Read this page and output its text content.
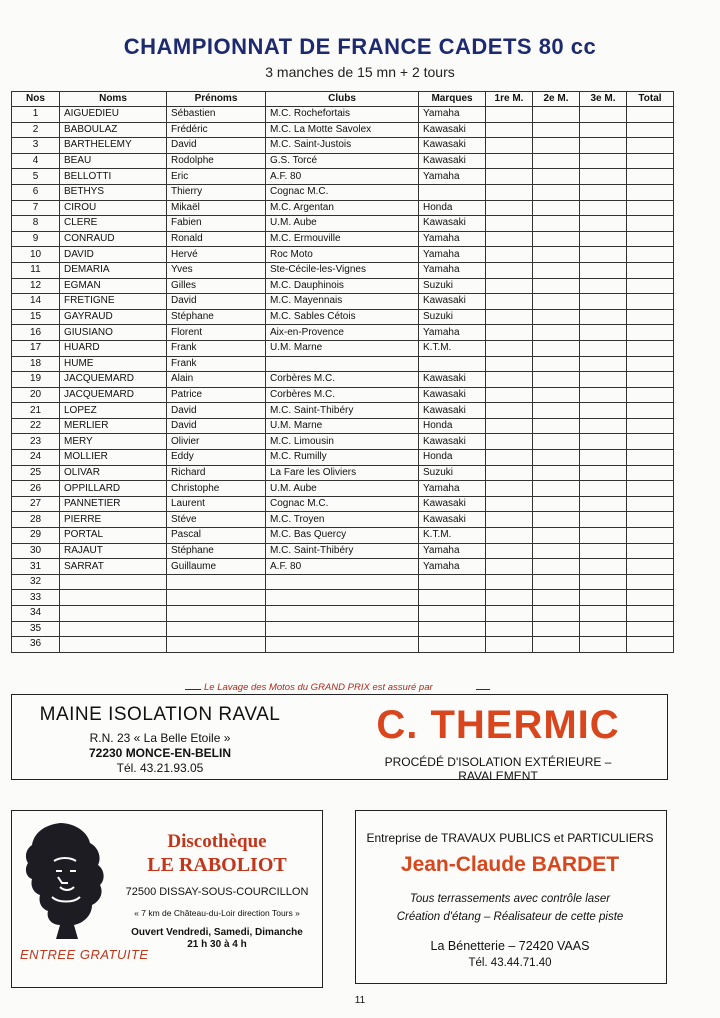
CHAMPIONNAT DE FRANCE CADETS 80 cc
3 manches de 15 mn + 2 tours
Nos	Noms	Prénoms	Clubs	Marques	1re M.	2e M.	3e M.	Total
1	AIGUEDIEU	Sébastien	M.C. Rochefortais	Yamaha				
2	BABOULAZ	Frédéric	M.C. La Motte Savolex	Kawasaki				
3	BARTHELEMY	David	M.C. Saint-Justois	Kawasaki				
4	BEAU	Rodolphe	G.S. Torcé	Kawasaki				
5	BELLOTTI	Eric	A.F. 80	Yamaha				
6	BETHYS	Thierry	Cognac M.C.					
7	CIROU	Mikaël	M.C. Argentan	Honda				
8	CLERE	Fabien	U.M. Aube	Kawasaki				
9	CONRAUD	Ronald	M.C. Ermouville	Yamaha				
10	DAVID	Hervé	Roc Moto	Yamaha				
11	DEMARIA	Yves	Ste-Cécile-les-Vignes	Yamaha				
12	EGMAN	Gilles	M.C. Dauphinois	Suzuki				
14	FRETIGNE	David	M.C. Mayennais	Kawasaki				
15	GAYRAUD	Stéphane	M.C. Sables Cétois	Suzuki				
16	GIUSIANO	Florent	Aix-en-Provence	Yamaha				
17	HUARD	Frank	U.M. Marne	K.T.M.				
18	HUME	Frank						
19	JACQUEMARD	Alain	Corbères M.C.	Kawasaki				
20	JACQUEMARD	Patrice	Corbères M.C.	Kawasaki				
21	LOPEZ	David	M.C. Saint-Thibéry	Kawasaki				
22	MERLIER	David	U.M. Marne	Honda				
23	MERY	Olivier	M.C. Limousin	Kawasaki				
24	MOLLIER	Eddy	M.C. Rumilly	Honda				
25	OLIVAR	Richard	La Fare les Oliviers	Suzuki				
26	OPPILLARD	Christophe	U.M. Aube	Yamaha				
27	PANNETIER	Laurent	Cognac M.C.	Kawasaki				
28	PIERRE	Stéve	M.C. Troyen	Kawasaki				
29	PORTAL	Pascal	M.C. Bas Quercy	K.T.M.				
30	RAJAUT	Stéphane	M.C. Saint-Thibéry	Yamaha				
31	SARRAT	Guillaume	A.F. 80	Yamaha				
32								
33								
34								
35								
36								
Le Lavage des Motos du GRAND PRIX est assuré par
MAINE ISOLATION RAVAL
R.N. 23 « La Belle Etoile »
72230 MONCE-EN-BELIN
Tél. 43.21.93.05
C. THERMIC
PROCÉDÉ D'ISOLATION EXTÉRIEURE – RAVALEMENT
Discothèque
LE RABOLIOT
72500 DISSAY-SOUS-COURCILLON
« 7 km de Château-du-Loir direction Tours »
Ouvert Vendredi, Samedi, Dimanche
21 h 30 à 4 h
ENTREE GRATUITE
Entreprise de TRAVAUX PUBLICS et PARTICULIERS
Jean-Claude BARDET
Tous terrassements avec contrôle laser
Création d'étang – Réalisateur de cette piste
La Bénetterie – 72420 VAAS
Tél. 43.44.71.40
11
